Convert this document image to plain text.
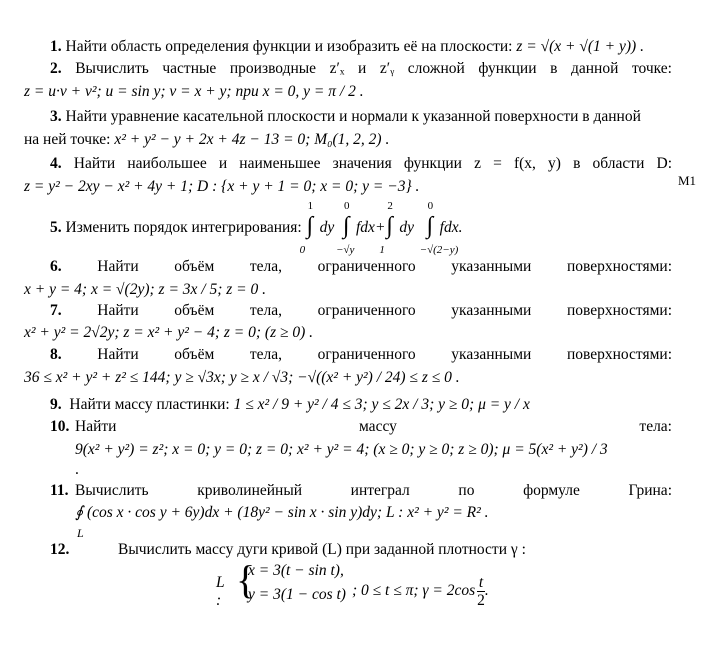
1. Найти область определения функции и изобразить её на плоскости: z = √(x + √(1 + y)) .
2. Вычислить частные производные z′ₓ и z′ᵧ сложной функции в данной точке:
z = u·v + v²; u = sin y; v = x + y; при x = 0, y = π / 2 .
3. Найти уравнение касательной плоскости и нормали к указанной поверхности в данной
на ней точке: x² + y² − y + 2x + 4z − 13 = 0; M₀(1, 2, 2) .
4. Найти наибольшее и наименьшее значения функции z = f(x, y) в области D:
z = y² − 2xy − x² + 4y + 1; D : {x + y + 1 = 0; x = 0; y = −3} .	M1
5. Изменить порядок интегрирования: ∫
1
0
dy ∫
0
−√y
fdx+ ∫
2
1
dy ∫
0
−√(2−y)
fdx.
6. Найти объём тела, ограниченного указанными поверхностями:
x + y = 4; x = √(2y); z = 3x / 5; z = 0 .
7. Найти объём тела, ограниченного указанными поверхностями:
x² + y² = 2√2y; z = x² + y² − 4; z = 0; (z ≥ 0) .
8. Найти объём тела, ограниченного указанными поверхностями:
36 ≤ x² + y² + z² ≤ 144; y ≥ √3x; y ≥ x / √3; −√((x² + y²) / 24) ≤ z ≤ 0 .
9. Найти массу пластинки: 1 ≤ x² / 9 + y² / 4 ≤ 3; y ≤ 2x / 3; y ≥ 0; μ = y / x
10. Найти массу тела:
9(x² + y²) = z²; x = 0; y = 0; z = 0; x² + y² = 4; (x ≥ 0; y ≥ 0; z ≥ 0); μ = 5(x² + y²) / 3
.
11. Вычислить криволинейный интеграл по формуле Грина:
∮ (cos x · cos y + 6y)dx + (18y² − sin x · sin y)dy; L : x² + y² = R² .
L
12.	Вычислить массу дуги кривой (L) при заданной плотности γ :
L : {
x = 3(t − sin t),
y = 3(1 − cos t) ; 0 ≤ t ≤ π; $\gamma = 2\cos \frac{t}{2}$ .
